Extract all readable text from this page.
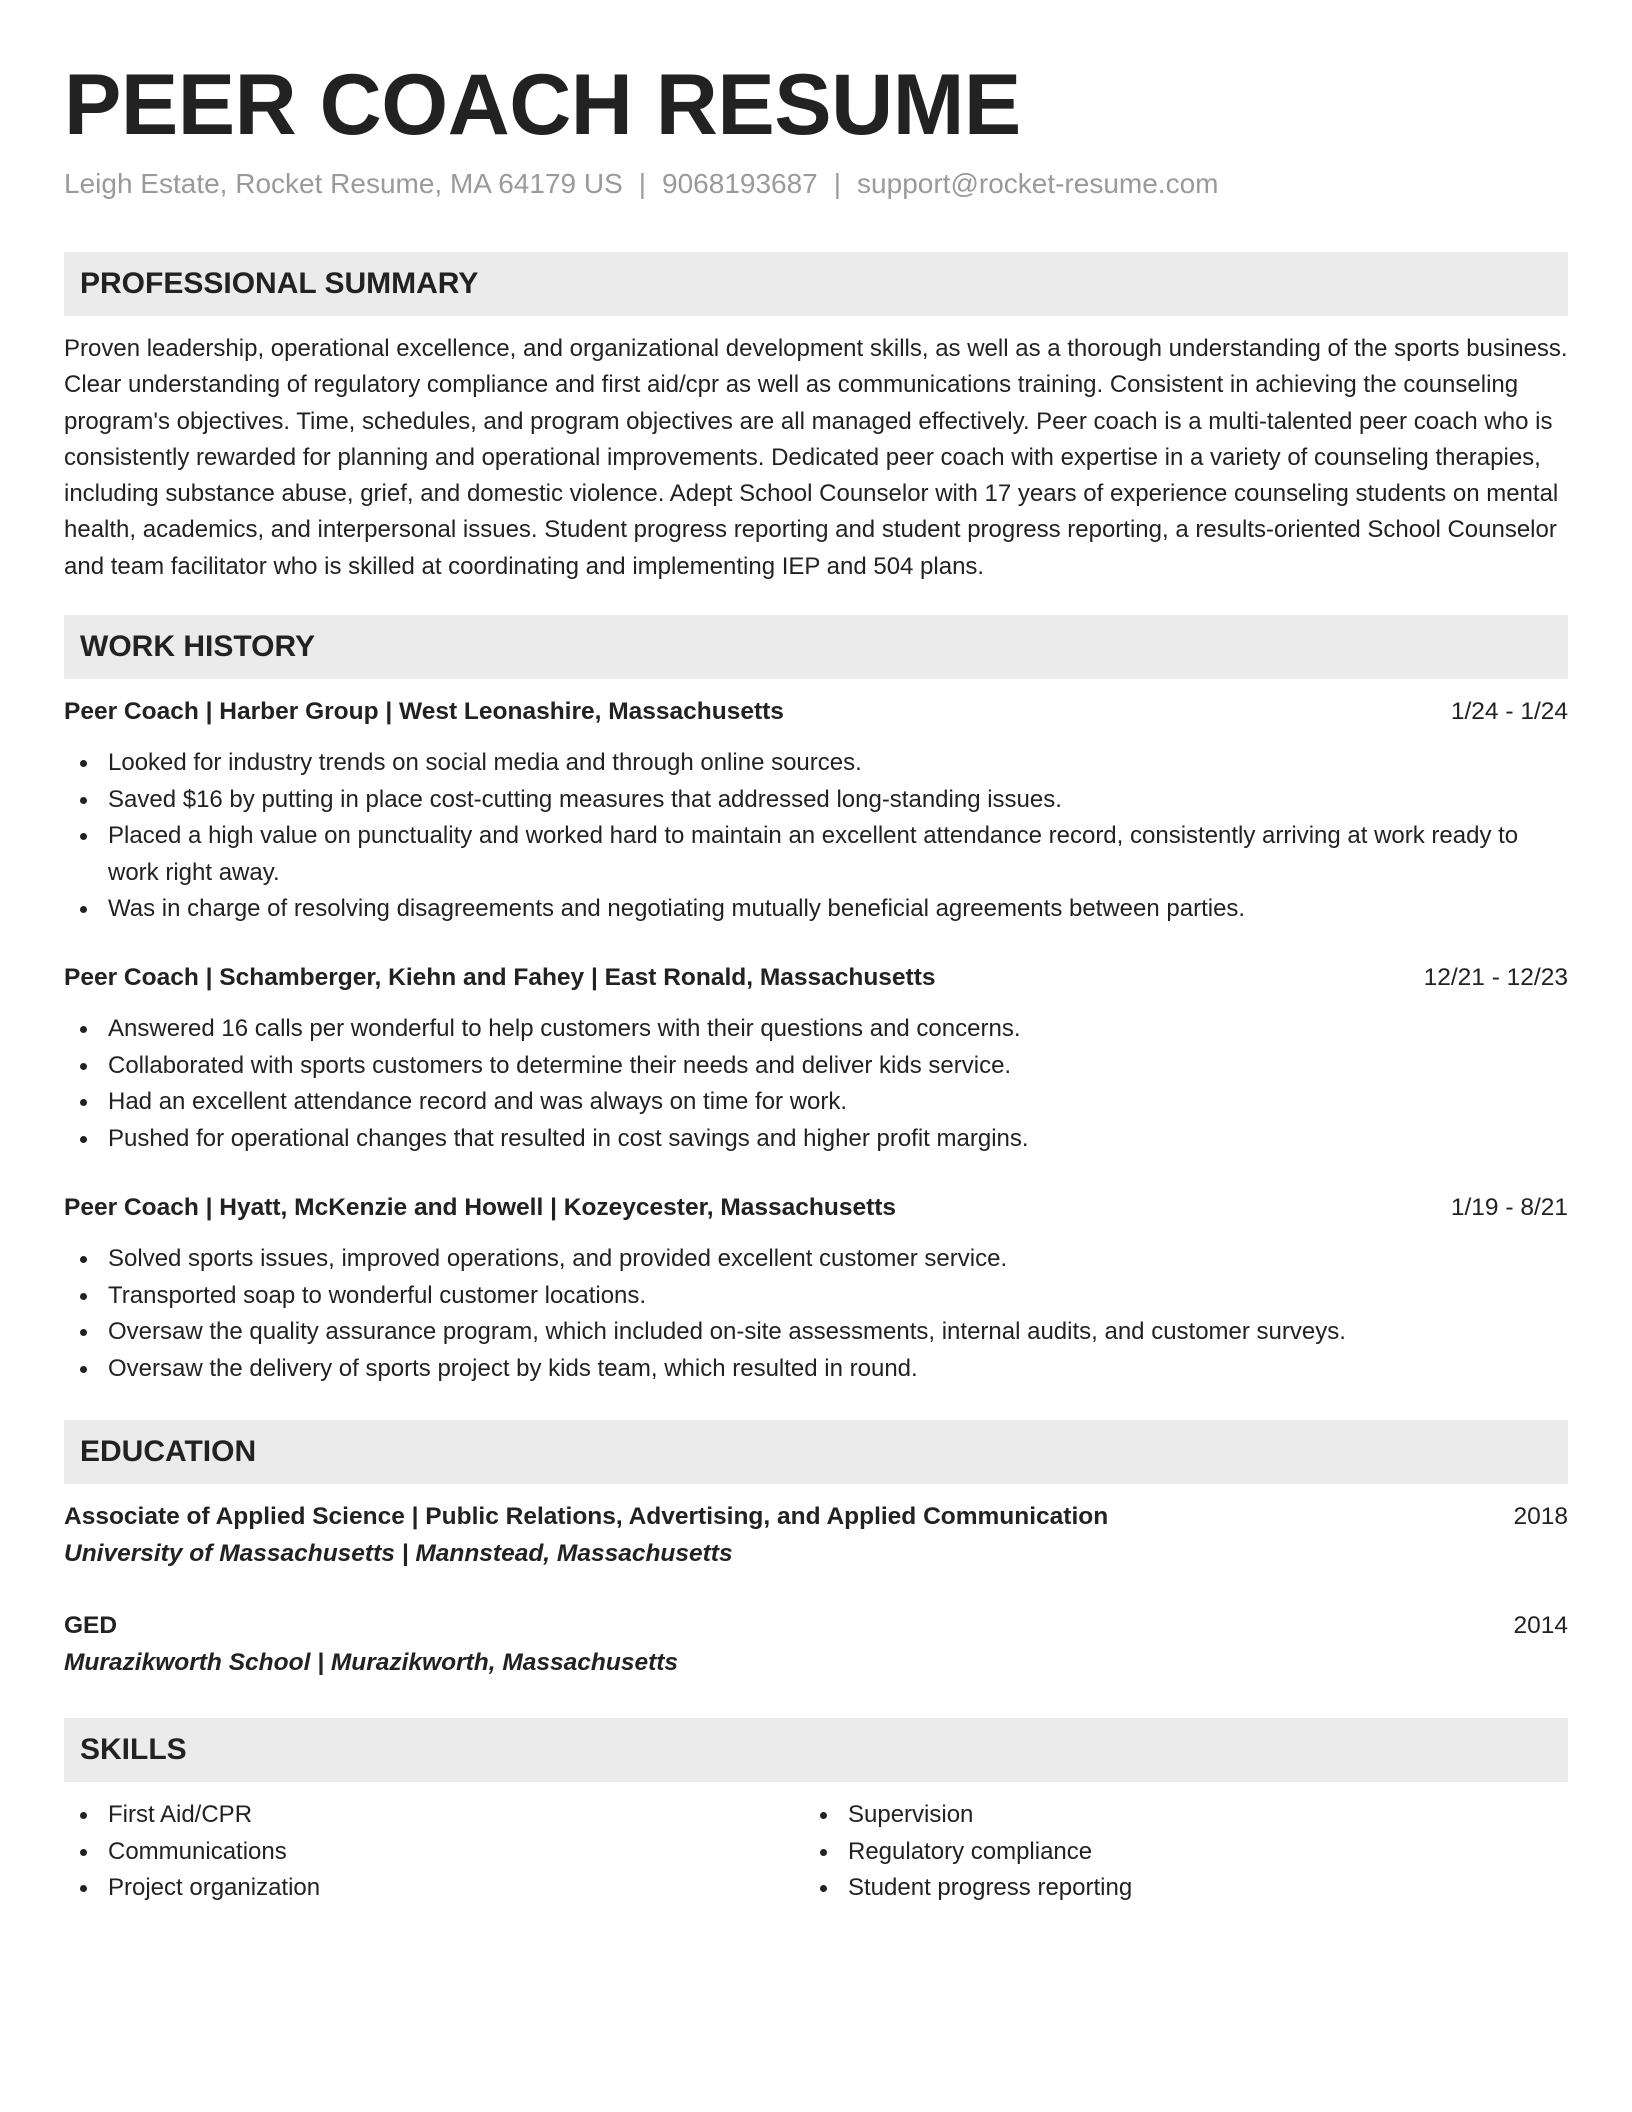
PEER COACH RESUME
Leigh Estate, Rocket Resume, MA 64179 US | 9068193687 | support@rocket-resume.com
PROFESSIONAL SUMMARY
Proven leadership, operational excellence, and organizational development skills, as well as a thorough understanding of the sports business. Clear understanding of regulatory compliance and first aid/cpr as well as communications training. Consistent in achieving the counseling program's objectives. Time, schedules, and program objectives are all managed effectively. Peer coach is a multi-talented peer coach who is consistently rewarded for planning and operational improvements. Dedicated peer coach with expertise in a variety of counseling therapies, including substance abuse, grief, and domestic violence. Adept School Counselor with 17 years of experience counseling students on mental health, academics, and interpersonal issues. Student progress reporting and student progress reporting, a results-oriented School Counselor and team facilitator who is skilled at coordinating and implementing IEP and 504 plans.
WORK HISTORY
Peer Coach | Harber Group | West Leonashire, Massachusetts	1/24 - 1/24
Looked for industry trends on social media and through online sources.
Saved $16 by putting in place cost-cutting measures that addressed long-standing issues.
Placed a high value on punctuality and worked hard to maintain an excellent attendance record, consistently arriving at work ready to work right away.
Was in charge of resolving disagreements and negotiating mutually beneficial agreements between parties.
Peer Coach | Schamberger, Kiehn and Fahey | East Ronald, Massachusetts	12/21 - 12/23
Answered 16 calls per wonderful to help customers with their questions and concerns.
Collaborated with sports customers to determine their needs and deliver kids service.
Had an excellent attendance record and was always on time for work.
Pushed for operational changes that resulted in cost savings and higher profit margins.
Peer Coach | Hyatt, McKenzie and Howell | Kozeycester, Massachusetts	1/19 - 8/21
Solved sports issues, improved operations, and provided excellent customer service.
Transported soap to wonderful customer locations.
Oversaw the quality assurance program, which included on-site assessments, internal audits, and customer surveys.
Oversaw the delivery of sports project by kids team, which resulted in round.
EDUCATION
Associate of Applied Science | Public Relations, Advertising, and Applied Communication	2018
University of Massachusetts | Mannstead, Massachusetts
GED	2014
Murazikworth School | Murazikworth, Massachusetts
SKILLS
First Aid/CPR
Communications
Project organization
Supervision
Regulatory compliance
Student progress reporting
